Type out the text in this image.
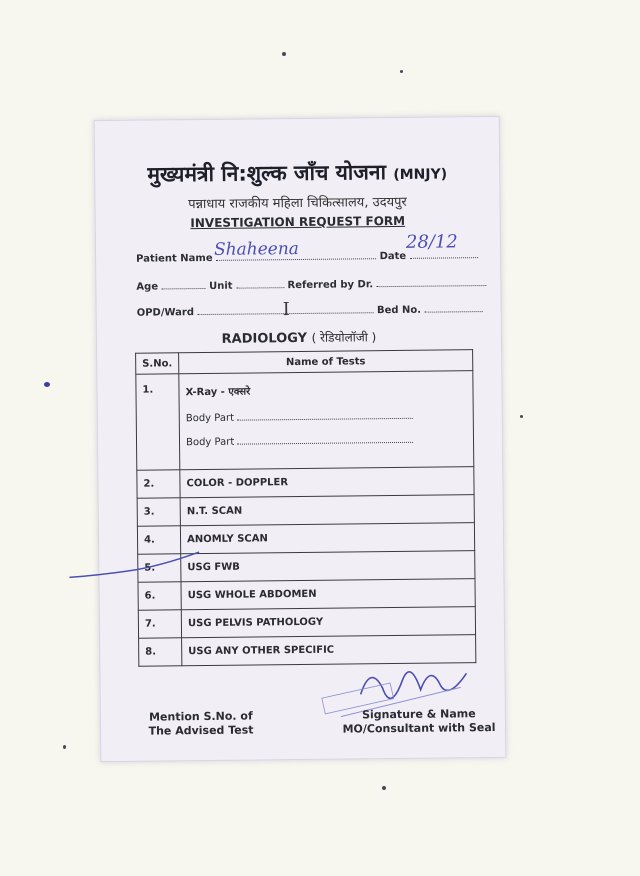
मुख्यमंत्री नि:शुल्क जाँच योजना (MNJY)
पन्नाधाय राजकीय महिला चिकित्सालय, उदयपुर
INVESTIGATION REQUEST FORM
Patient Name	Date
Shaheena	28/12
Age	Unit	Referred by Dr.
OPD/Ward	Bed No.
I
RADIOLOGY ( रेडियोलॉजी )
S.No.	Name of Tests
1.	X-Ray - एक्सरे
Body Part
Body Part

2.	COLOR - DOPPLER
3.	N.T. SCAN
4.	ANOMLY SCAN
5.	USG FWB
6.	USG WHOLE ABDOMEN
7.	USG PELVIS PATHOLOGY
8.	USG ANY OTHER SPECIFIC
Mention S.No. of
The Advised Test
Signature & Name
MO/Consultant with Seal
